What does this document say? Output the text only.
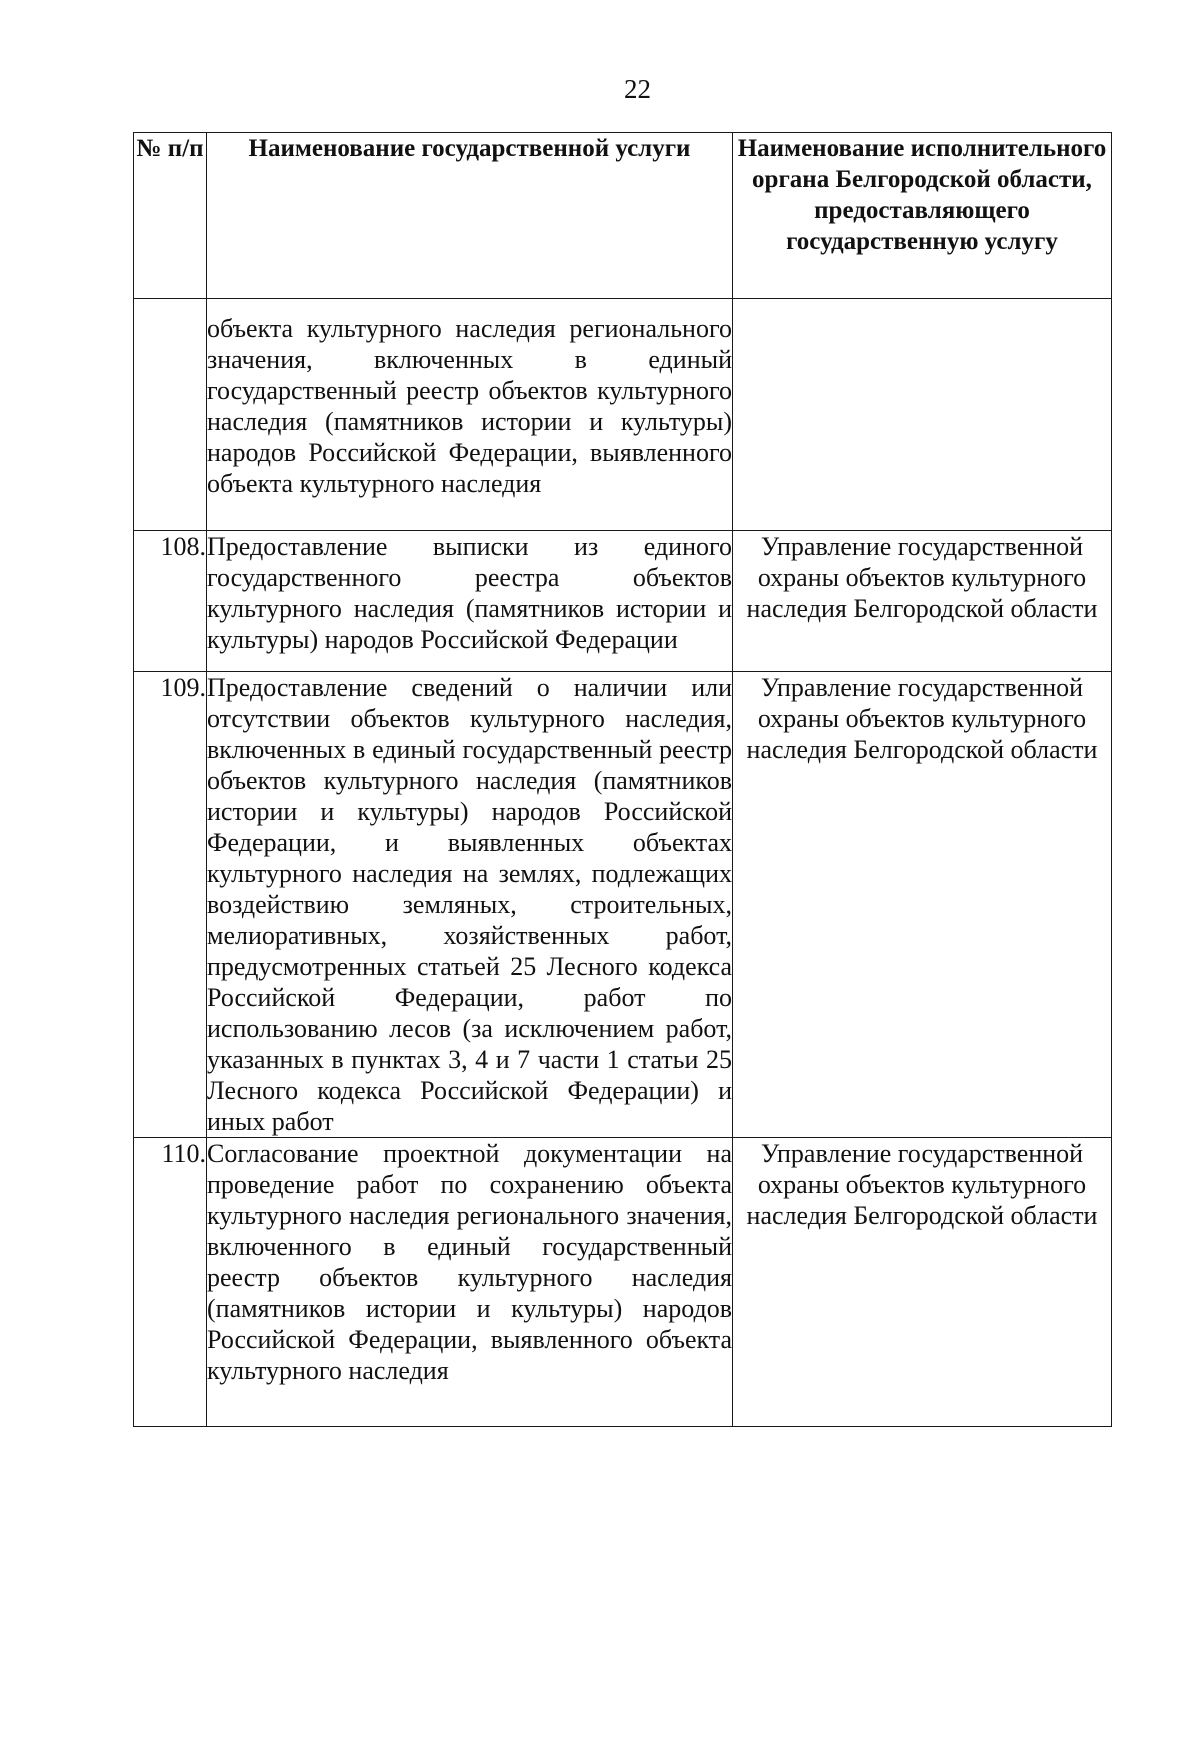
22
№ п/п	Наименование государственной услуги	Наименование исполнительного органа Белгородской области, предоставляющего государственную услугу
	объекта культурного наследия регионального значения, включенных в единый государственный реестр объектов культурного наследия (памятников истории и культуры) народов Российской Федерации, выявленного объекта культурного наследия	
108.	Предоставление выписки из единого государственного реестра объектов культурного наследия (памятников истории и культуры) народов Российской Федерации	Управление государственной охраны объектов культурного наследия Белгородской области
109.	Предоставление сведений о наличии или отсутствии объектов культурного наследия, включенных в единый государственный реестр объектов культурного наследия (памятников истории и культуры) народов Российской Федерации, и выявленных объектах культурного наследия на землях, подлежащих воздействию земляных, строительных, мелиоративных, хозяйственных работ, предусмотренных статьей 25 Лесного кодекса Российской Федерации, работ по использованию лесов (за исключением работ, указанных в пунктах 3, 4 и 7 части 1 статьи 25 Лесного кодекса Российской Федерации) и иных работ	Управление государственной охраны объектов культурного наследия Белгородской области
110.	Согласование проектной документации на проведение работ по сохранению объекта культурного наследия регионального значения, включенного в единый государственный реестр объектов культурного наследия (памятников истории и культуры) народов Российской Федерации, выявленного объекта культурного наследия	Управление государственной охраны объектов культурного наследия Белгородской области
